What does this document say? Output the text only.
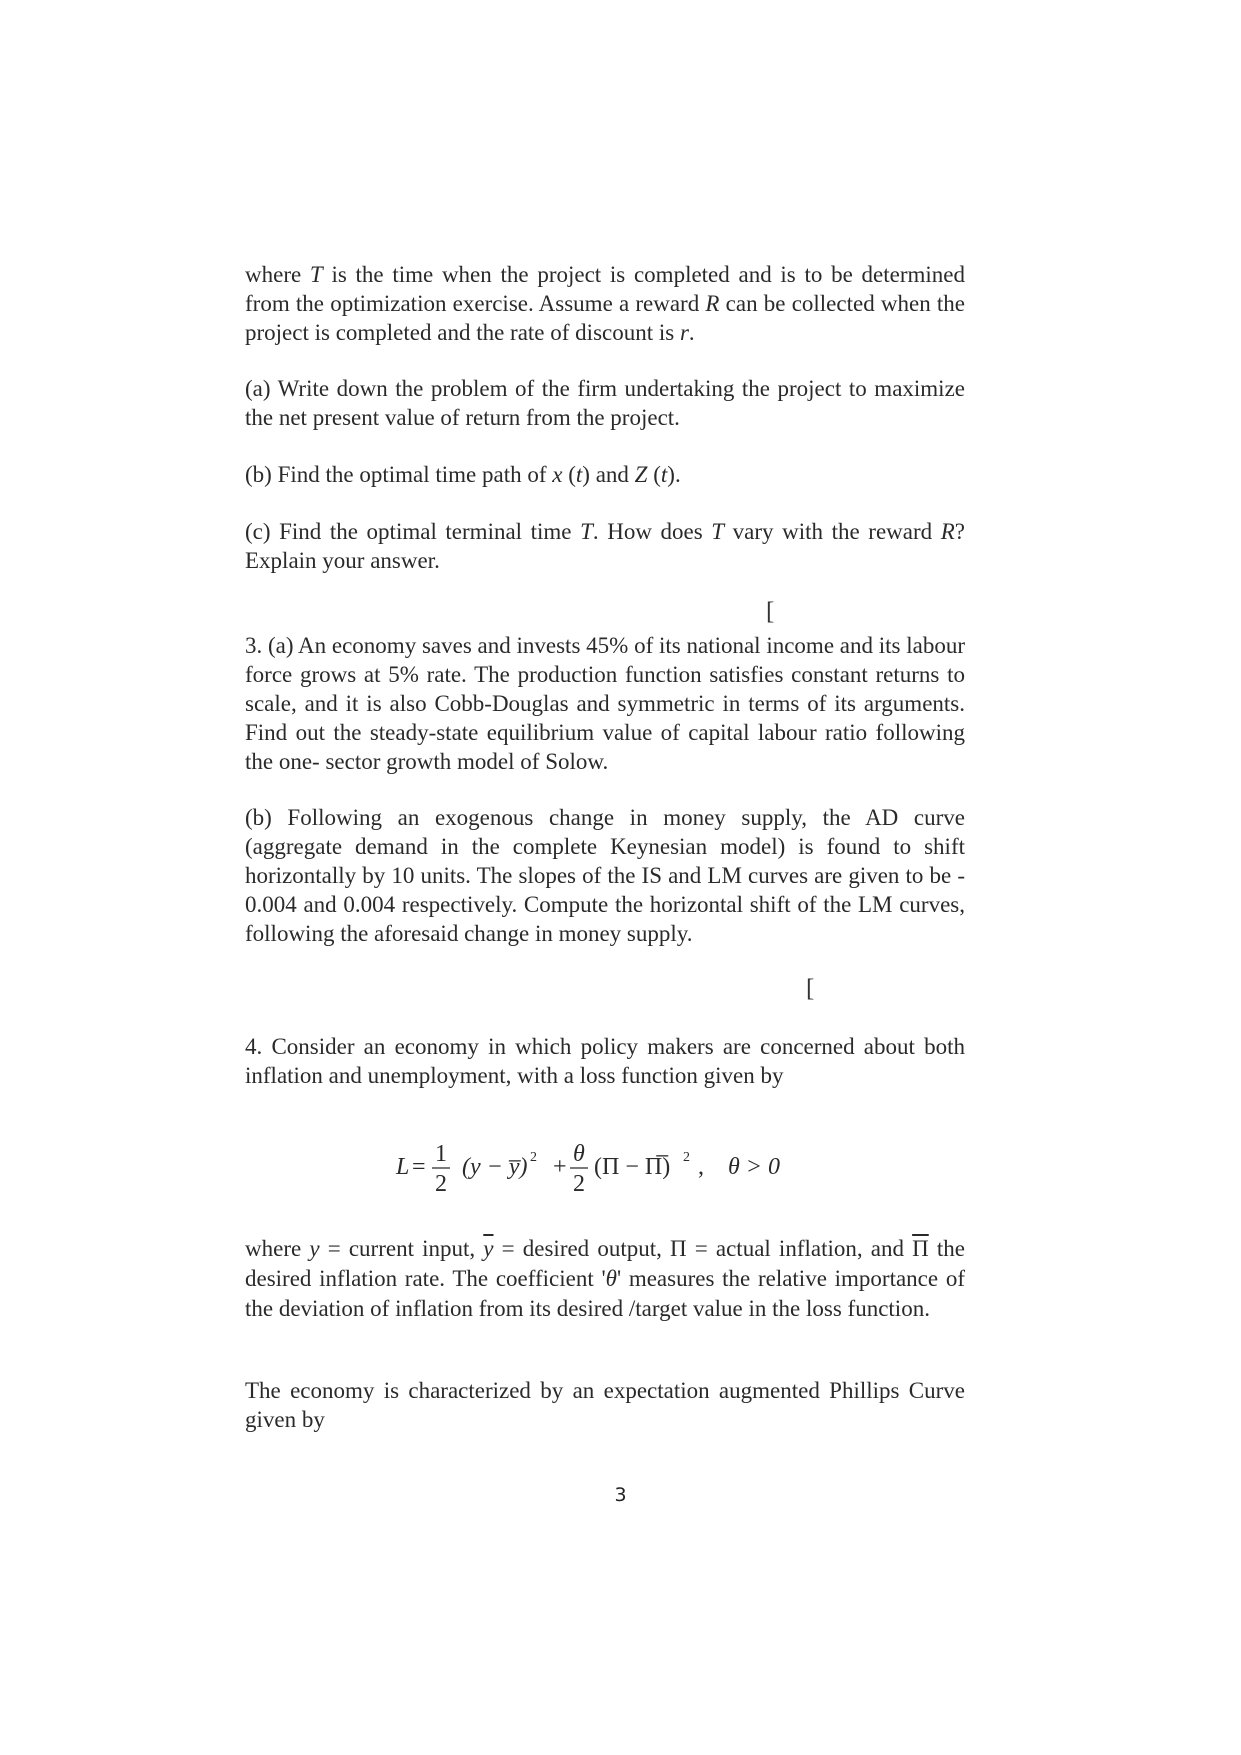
where T is the time when the project is completed and is to be determined from the optimization exercise. Assume a reward R can be collected when the project is completed and the rate of discount is r.

(a) Write down the problem of the firm undertaking the project to maximize the net present value of return from the project.

(b) Find the optimal time path of x (t) and Z (t).

(c) Find the optimal terminal time T. How does T vary with the reward R? Explain your answer.

[

3. (a) An economy saves and invests 45% of its national income and its labour force grows at 5% rate. The production function satisfies constant returns to scale, and it is also Cobb-Douglas and symmetric in terms of its arguments. Find out the steady-state equilibrium value of capital labour ratio following the one- sector growth model of Solow.

(b) Following an exogenous change in money supply, the AD curve (aggregate demand in the complete Keynesian model) is found to shift horizontally by 10 units. The slopes of the IS and LM curves are given to be - 0.004 and 0.004 respectively. Compute the horizontal shift of the LM curves, following the aforesaid change in money supply.

[

4. Consider an economy in which policy makers are concerned about both inflation and unemployment, with a loss function given by

L = 1
2
(y − y̅) 2 + θ
2
(Π − Π̅) 2 , θ > 0

where y = current input, $\overline{y}$ = desired output, Π = actual inflation, and $\overline{\Pi}$ the desired inflation rate. The coefficient 'θ' measures the relative importance of the deviation of inflation from its desired /target value in the loss function.

The economy is characterized by an expectation augmented Phillips Curve given by

3
